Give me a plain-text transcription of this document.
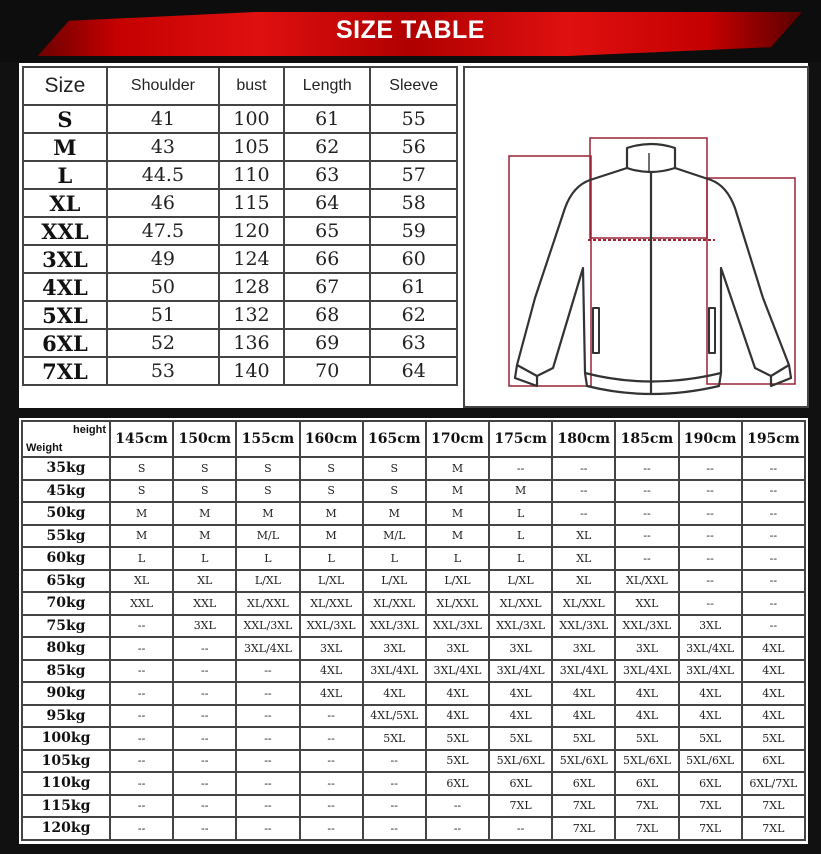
SIZE TABLE
Size	Shoulder	bust	Length	Sleeve
S	41	100	61	55
M	43	105	62	56
L	44.5	110	63	57
XL	46	115	64	58
XXL	47.5	120	65	59
3XL	49	124	66	60
4XL	50	128	67	61
5XL	51	132	68	62
6XL	52	136	69	63
7XL	53	140	70	64
height
Weight	145cm	150cm	155cm	160cm	165cm	170cm	175cm	180cm	185cm	190cm	195cm
35kg	S	S	S	S	S	M	--	--	--	--	--
45kg	S	S	S	S	S	M	M	--	--	--	--
50kg	M	M	M	M	M	M	L	--	--	--	--
55kg	M	M	M/L	M	M/L	M	L	XL	--	--	--
60kg	L	L	L	L	L	L	L	XL	--	--	--
65kg	XL	XL	L/XL	L/XL	L/XL	L/XL	L/XL	XL	XL/XXL	--	--
70kg	XXL	XXL	XL/XXL	XL/XXL	XL/XXL	XL/XXL	XL/XXL	XL/XXL	XXL	--	--
75kg	--	3XL	XXL/3XL	XXL/3XL	XXL/3XL	XXL/3XL	XXL/3XL	XXL/3XL	XXL/3XL	3XL	--
80kg	--	--	3XL/4XL	3XL	3XL	3XL	3XL	3XL	3XL	3XL/4XL	4XL
85kg	--	--	--	4XL	3XL/4XL	3XL/4XL	3XL/4XL	3XL/4XL	3XL/4XL	3XL/4XL	4XL
90kg	--	--	--	4XL	4XL	4XL	4XL	4XL	4XL	4XL	4XL
95kg	--	--	--	--	4XL/5XL	4XL	4XL	4XL	4XL	4XL	4XL
100kg	--	--	--	--	5XL	5XL	5XL	5XL	5XL	5XL	5XL
105kg	--	--	--	--	--	5XL	5XL/6XL	5XL/6XL	5XL/6XL	5XL/6XL	6XL
110kg	--	--	--	--	--	6XL	6XL	6XL	6XL	6XL	6XL/7XL
115kg	--	--	--	--	--	--	7XL	7XL	7XL	7XL	7XL
120kg	--	--	--	--	--	--	--	7XL	7XL	7XL	7XL
